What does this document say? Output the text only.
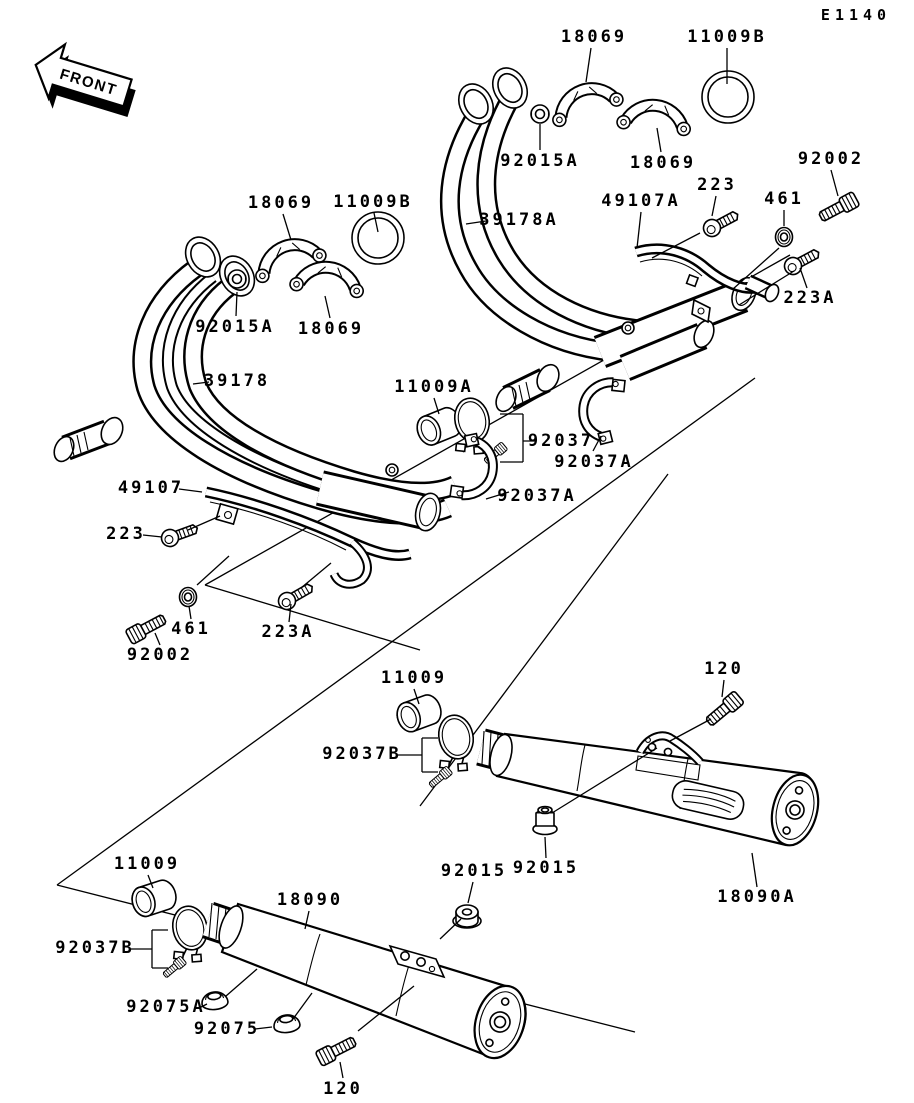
18069	11009B
92015A	18069
49107A
223
461
92002
223A
39178A
18069 11009B
92015A 18069
39178	11009A
92037
92037A
92037A
49107
223
461
92002
223A
11009
92037B
120
92015
92015
18090A
11009
92037B
18090
92075A
92075
120
E1140
FRONT
